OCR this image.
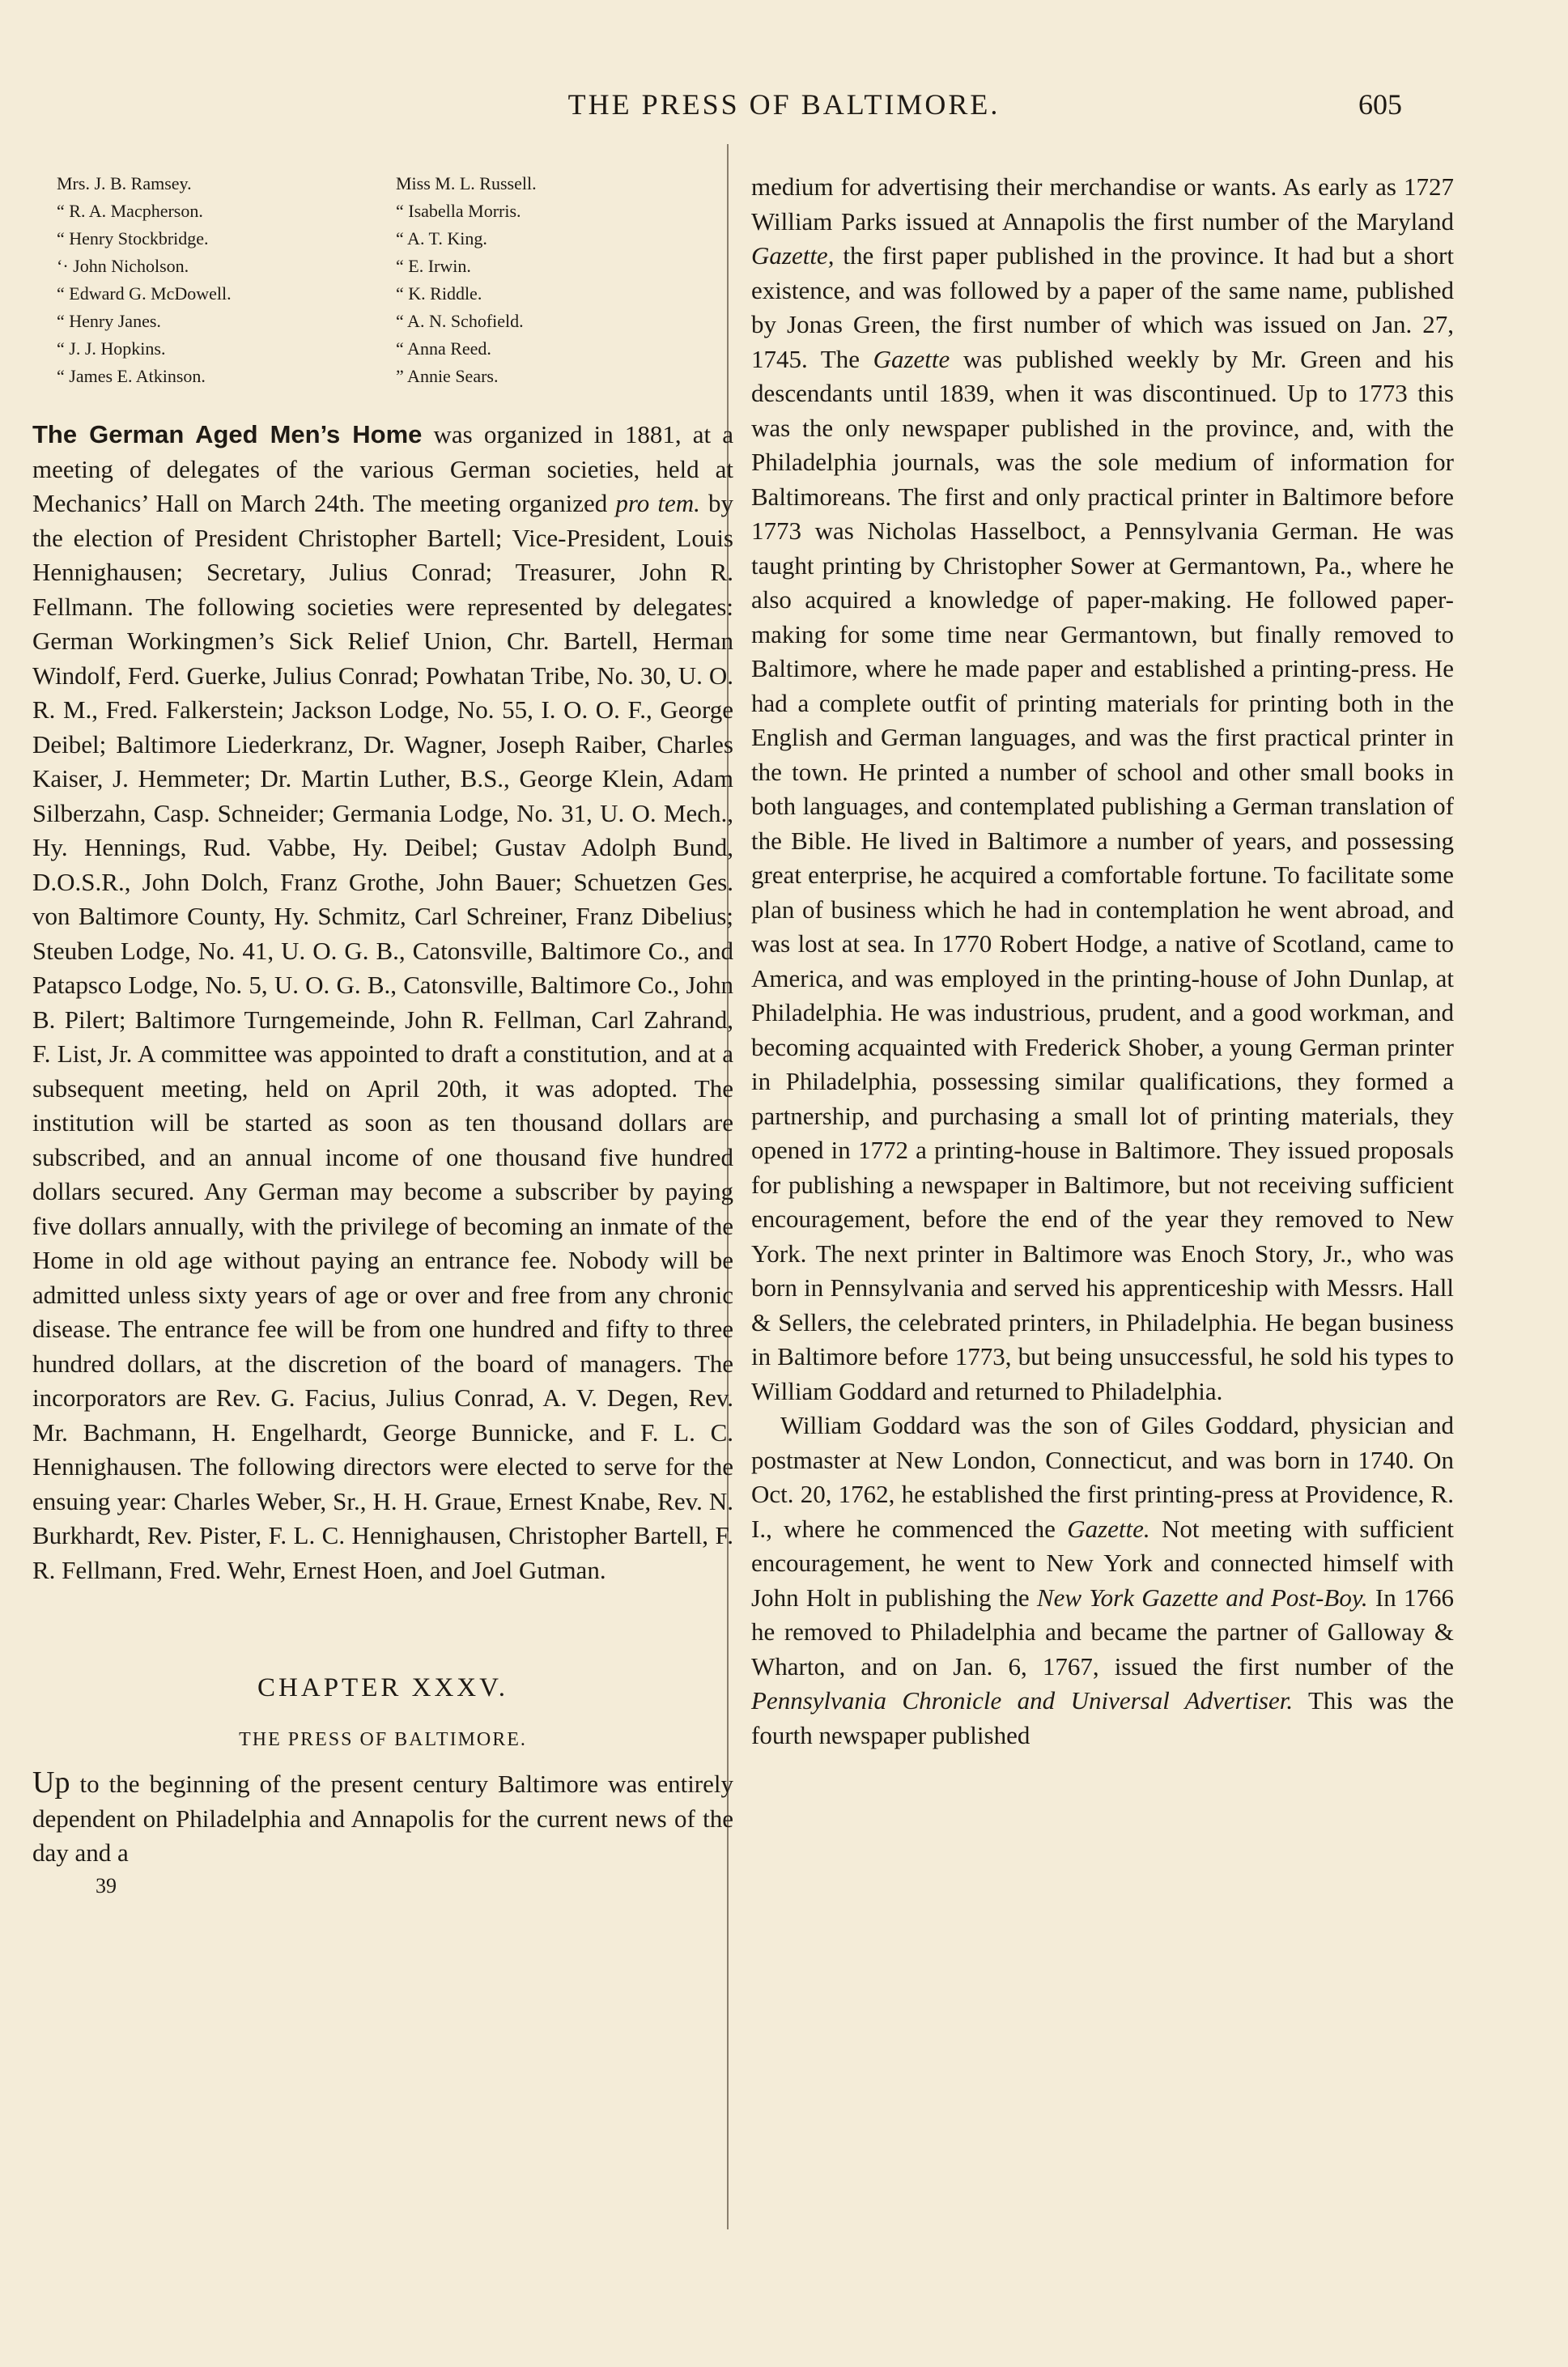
THE PRESS OF BALTIMORE.	605
Mrs. J. B. Ramsey.
“ R. A. Macpherson.
“ Henry Stockbridge.
‘· John Nicholson.
“ Edward G. McDowell.
“ Henry Janes.
“ J. J. Hopkins.
“ James E. Atkinson.
Miss M. L. Russell.
“ Isabella Morris.
“ A. T. King.
“ E. Irwin.
“ K. Riddle.
“ A. N. Schofield.
“ Anna Reed.
” Annie Sears.

The German Aged Men’s Home was organized in 1881, at a meeting of delegates of the various German societies, held at Mechanics’ Hall on March 24th. The meeting organized pro tem. by the election of President Christopher Bartell; Vice-President, Louis Hennighausen; Secretary, Julius Conrad; Treasurer, John R. Fellmann. The following societies were represented by delegates: German Workingmen’s Sick Relief Union, Chr. Bartell, Herman Windolf, Ferd. Guerke, Julius Conrad; Powhatan Tribe, No. 30, U. O. R. M., Fred. Falkerstein; Jackson Lodge, No. 55, I. O. O. F., George Deibel; Baltimore Liederkranz, Dr. Wagner, Joseph Raiber, Charles Kaiser, J. Hemmeter; Dr. Martin Luther, B.S., George Klein, Adam Silberzahn, Casp. Schneider; Germania Lodge, No. 31, U. O. Mech., Hy. Hennings, Rud. Vabbe, Hy. Deibel; Gustav Adolph Bund, D.O.S.R., John Dolch, Franz Grothe, John Bauer; Schuetzen Ges. von Baltimore County, Hy. Schmitz, Carl Schreiner, Franz Dibelius; Steuben Lodge, No. 41, U. O. G. B., Catonsville, Baltimore Co., and Patapsco Lodge, No. 5, U. O. G. B., Catonsville, Baltimore Co., John B. Pilert; Baltimore Turngemeinde, John R. Fellman, Carl Zahrand, F. List, Jr. A committee was appointed to draft a constitution, and at a subsequent meeting, held on April 20th, it was adopted. The institution will be started as soon as ten thousand dollars are subscribed, and an annual income of one thousand five hundred dollars secured. Any German may become a subscriber by paying five dollars annually, with the privilege of becoming an inmate of the Home in old age without paying an entrance fee. Nobody will be admitted unless sixty years of age or over and free from any chronic disease. The entrance fee will be from one hundred and fifty to three hundred dollars, at the discretion of the board of managers. The incorporators are Rev. G. Facius, Julius Conrad, A. V. Degen, Rev. Mr. Bachmann, H. Engelhardt, George Bunnicke, and F. L. C. Hennighausen. The following directors were elected to serve for the ensuing year: Charles Weber, Sr., H. H. Graue, Ernest Knabe, Rev. N. Burkhardt, Rev. Pister, F. L. C. Hennighausen, Christopher Bartell, F. R. Fellmann, Fred. Wehr, Ernest Hoen, and Joel Gutman.

CHAPTER XXXV.
THE PRESS OF BALTIMORE.

Up to the beginning of the present century Baltimore was entirely dependent on Philadelphia and Annapolis for the current news of the day and a

39

medium for advertising their merchandise or wants. As early as 1727 William Parks issued at Annapolis the first number of the Maryland Gazette, the first paper published in the province. It had but a short existence, and was followed by a paper of the same name, published by Jonas Green, the first number of which was issued on Jan. 27, 1745. The Gazette was published weekly by Mr. Green and his descendants until 1839, when it was discontinued. Up to 1773 this was the only newspaper published in the province, and, with the Philadelphia journals, was the sole medium of information for Baltimoreans. The first and only practical printer in Baltimore before 1773 was Nicholas Hasselboct, a Pennsylvania German. He was taught printing by Christopher Sower at Germantown, Pa., where he also acquired a knowledge of paper-making. He followed paper-making for some time near Germantown, but finally removed to Baltimore, where he made paper and established a printing-press. He had a complete outfit of printing materials for printing both in the English and German languages, and was the first practical printer in the town. He printed a number of school and other small books in both languages, and contemplated publishing a German translation of the Bible. He lived in Baltimore a number of years, and possessing great enterprise, he acquired a comfortable fortune. To facilitate some plan of business which he had in contemplation he went abroad, and was lost at sea. In 1770 Robert Hodge, a native of Scotland, came to America, and was employed in the printing-house of John Dunlap, at Philadelphia. He was industrious, prudent, and a good workman, and becoming acquainted with Frederick Shober, a young German printer in Philadelphia, possessing similar qualifications, they formed a partnership, and purchasing a small lot of printing materials, they opened in 1772 a printing-house in Baltimore. They issued proposals for publishing a newspaper in Baltimore, but not receiving sufficient encouragement, before the end of the year they removed to New York. The next printer in Baltimore was Enoch Story, Jr., who was born in Pennsylvania and served his apprenticeship with Messrs. Hall & Sellers, the celebrated printers, in Philadelphia. He began business in Baltimore before 1773, but being unsuccessful, he sold his types to William Goddard and returned to Philadelphia.

William Goddard was the son of Giles Goddard, physician and postmaster at New London, Connecticut, and was born in 1740. On Oct. 20, 1762, he established the first printing-press at Providence, R. I., where he commenced the Gazette. Not meeting with sufficient encouragement, he went to New York and connected himself with John Holt in publishing the New York Gazette and Post-Boy. In 1766 he removed to Philadelphia and became the partner of Galloway & Wharton, and on Jan. 6, 1767, issued the first number of the Pennsylvania Chronicle and Universal Advertiser. This was the fourth newspaper published
